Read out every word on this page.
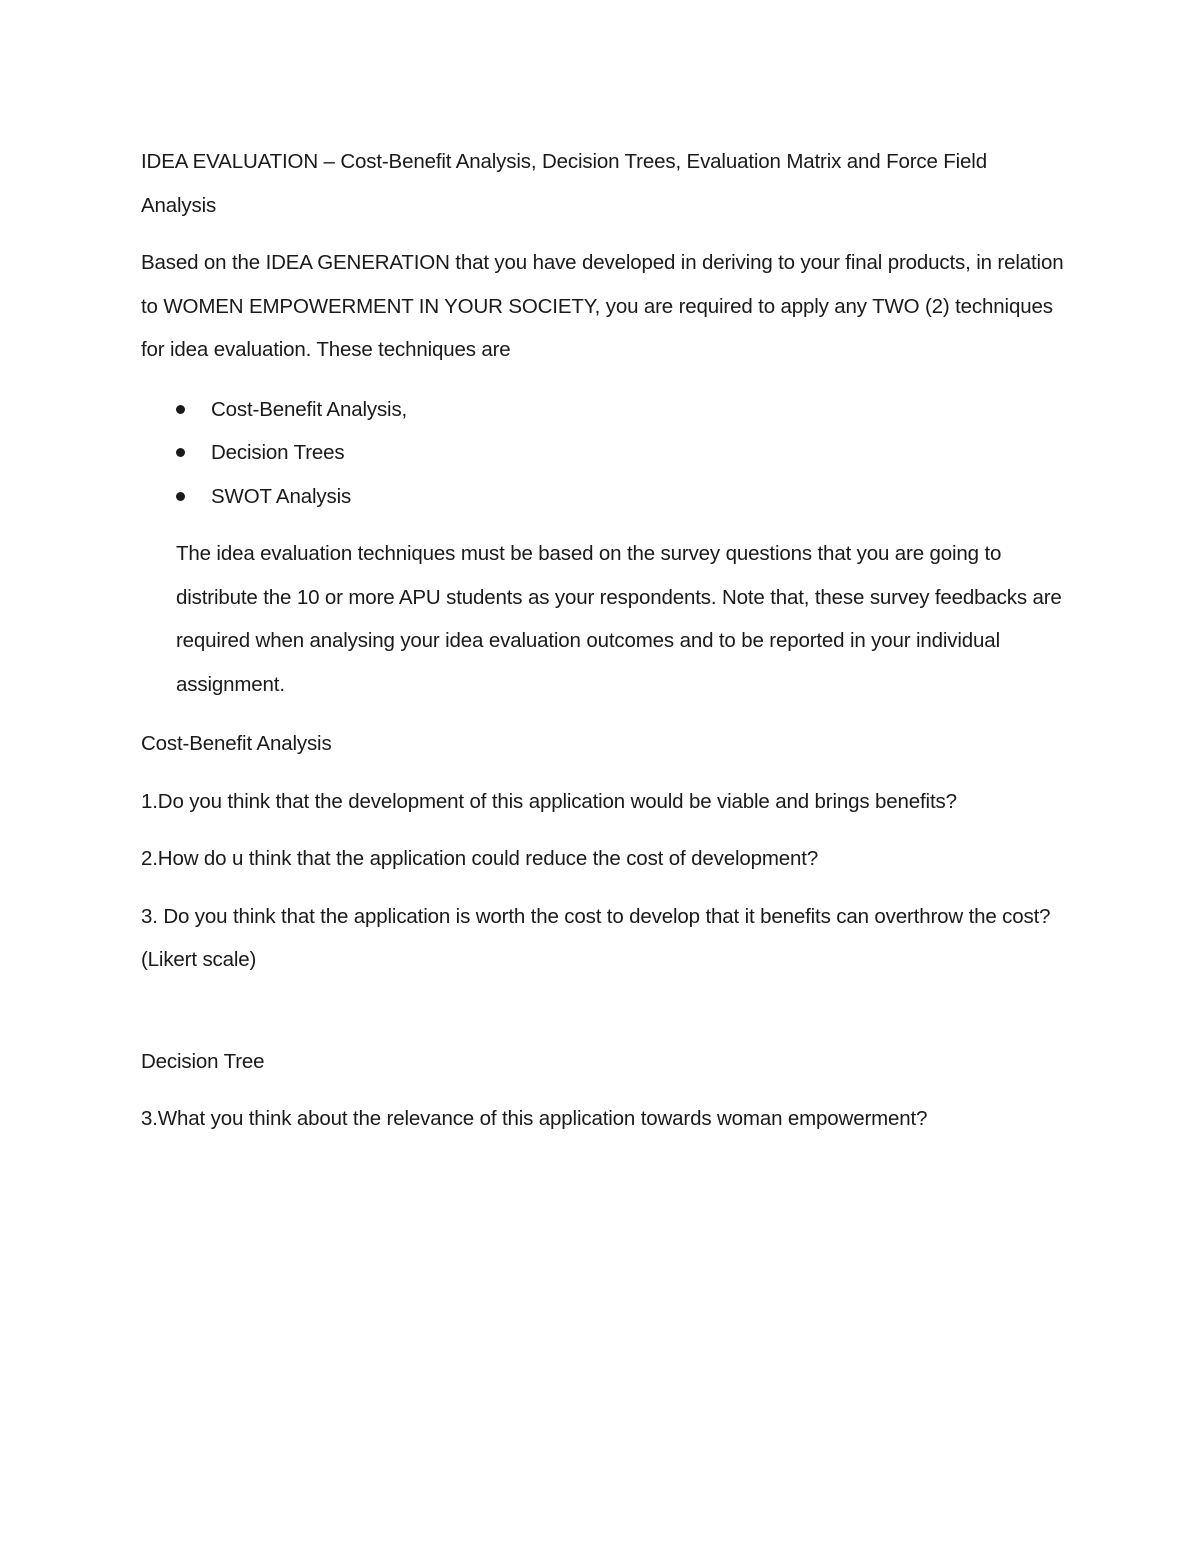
IDEA EVALUATION – Cost-Benefit Analysis, Decision Trees, Evaluation Matrix and Force Field Analysis

Based on the IDEA GENERATION that you have developed in deriving to your final products, in relation to WOMEN EMPOWERMENT IN YOUR SOCIETY, you are required to apply any TWO (2) techniques for idea evaluation. These techniques are

Cost-Benefit Analysis,
Decision Trees
SWOT Analysis

The idea evaluation techniques must be based on the survey questions that you are going to distribute the 10 or more APU students as your respondents. Note that, these survey feedbacks are required when analysing your idea evaluation outcomes and to be reported in your individual assignment.

Cost-Benefit Analysis

1.Do you think that the development of this application would be viable and brings benefits?

2.How do u think that the application could reduce the cost of development?

3. Do you think that the application is worth the cost to develop that it benefits can overthrow the cost? (Likert scale)

Decision Tree

3.What you think about the relevance of this application towards woman empowerment?
